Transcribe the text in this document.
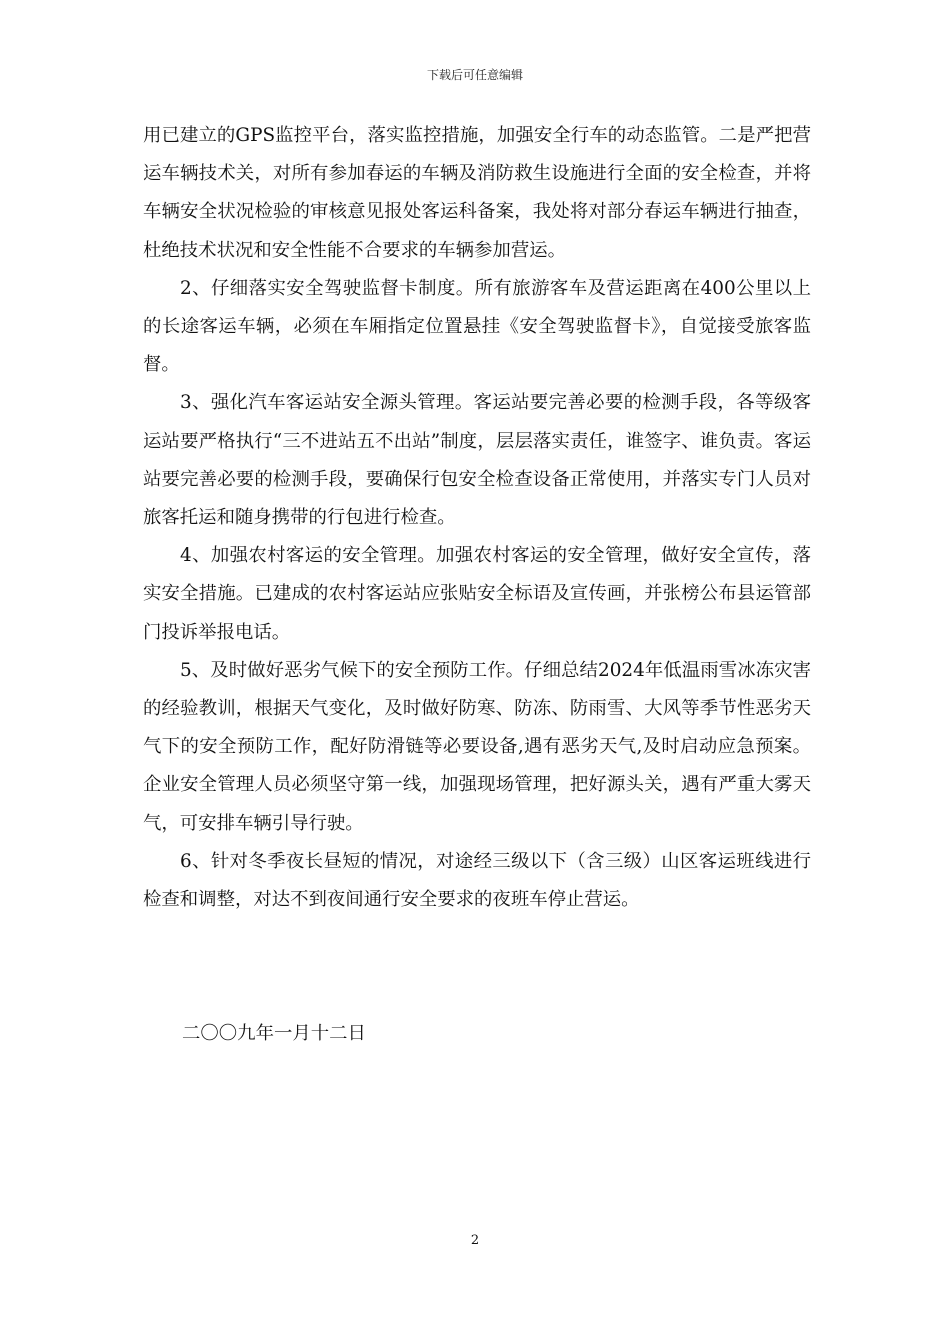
下载后可任意编辑

用已建立的GPS监控平台，落实监控措施，加强安全行车的动态监管。二是严把营运车辆技术关，对所有参加春运的车辆及消防救生设施进行全面的安全检查，并将车辆安全状况检验的审核意见报处客运科备案，我处将对部分春运车辆进行抽查，杜绝技术状况和安全性能不合要求的车辆参加营运。

2、仔细落实安全驾驶监督卡制度。所有旅游客车及营运距离在400公里以上的长途客运车辆，必须在车厢指定位置悬挂《安全驾驶监督卡》，自觉接受旅客监督。

3、强化汽车客运站安全源头管理。客运站要完善必要的检测手段，各等级客运站要严格执行“三不进站五不出站”制度，层层落实责任，谁签字、谁负责。客运站要完善必要的检测手段，要确保行包安全检查设备正常使用，并落实专门人员对旅客托运和随身携带的行包进行检查。

4、加强农村客运的安全管理。加强农村客运的安全管理，做好安全宣传，落实安全措施。已建成的农村客运站应张贴安全标语及宣传画，并张榜公布县运管部门投诉举报电话。

5、及时做好恶劣气候下的安全预防工作。仔细总结2024年低温雨雪冰冻灾害的经验教训，根据天气变化，及时做好防寒、防冻、防雨雪、大风等季节性恶劣天气下的安全预防工作，配好防滑链等必要设备,遇有恶劣天气,及时启动应急预案。企业安全管理人员必须坚守第一线，加强现场管理，把好源头关，遇有严重大雾天气，可安排车辆引导行驶。

6、针对冬季夜长昼短的情况，对途经三级以下（含三级）山区客运班线进行检查和调整，对达不到夜间通行安全要求的夜班车停止营运。

二〇〇九年一月十二日
2
